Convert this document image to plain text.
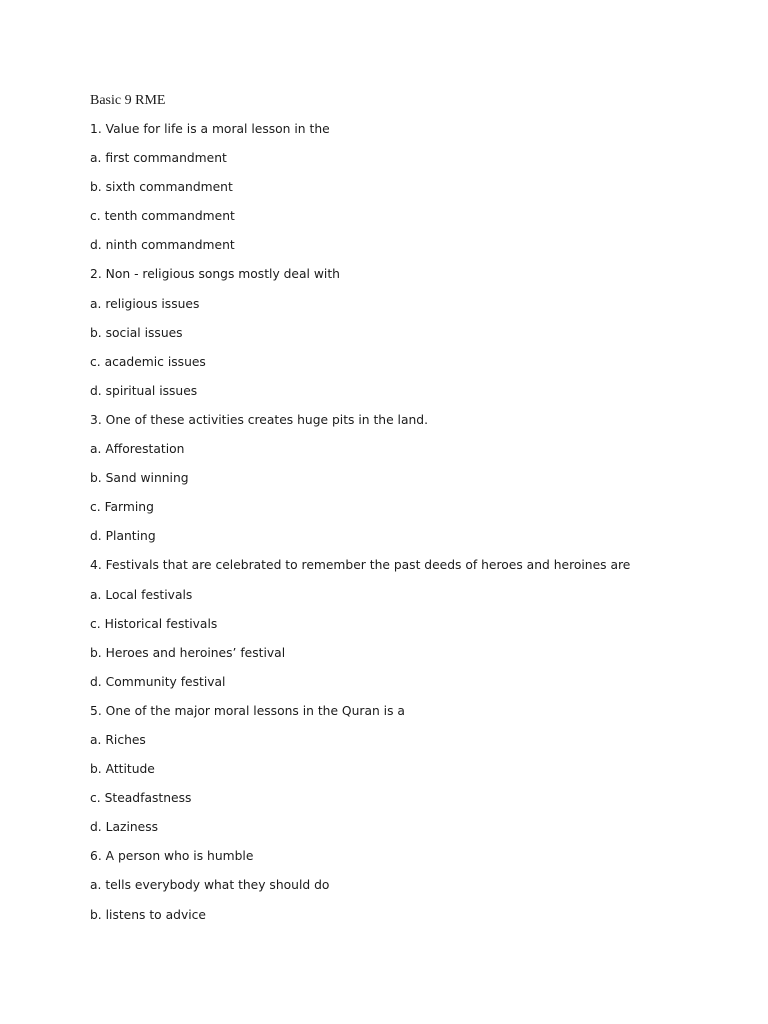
Basic 9 RME
1. Value for life is a moral lesson in the
a. first commandment
b. sixth commandment
c. tenth commandment
d. ninth commandment
2. Non - religious songs mostly deal with
a. religious issues
b. social issues
c. academic issues
d. spiritual issues
3. One of these activities creates huge pits in the land.
a. Afforestation
b. Sand winning
c. Farming
d. Planting
4. Festivals that are celebrated to remember the past deeds of heroes and heroines are
a. Local festivals
c. Historical festivals
b. Heroes and heroines’ festival
d. Community festival
5. One of the major moral lessons in the Quran is a
a. Riches
b. Attitude
c. Steadfastness
d. Laziness
6. A person who is humble
a. tells everybody what they should do
b. listens to advice
